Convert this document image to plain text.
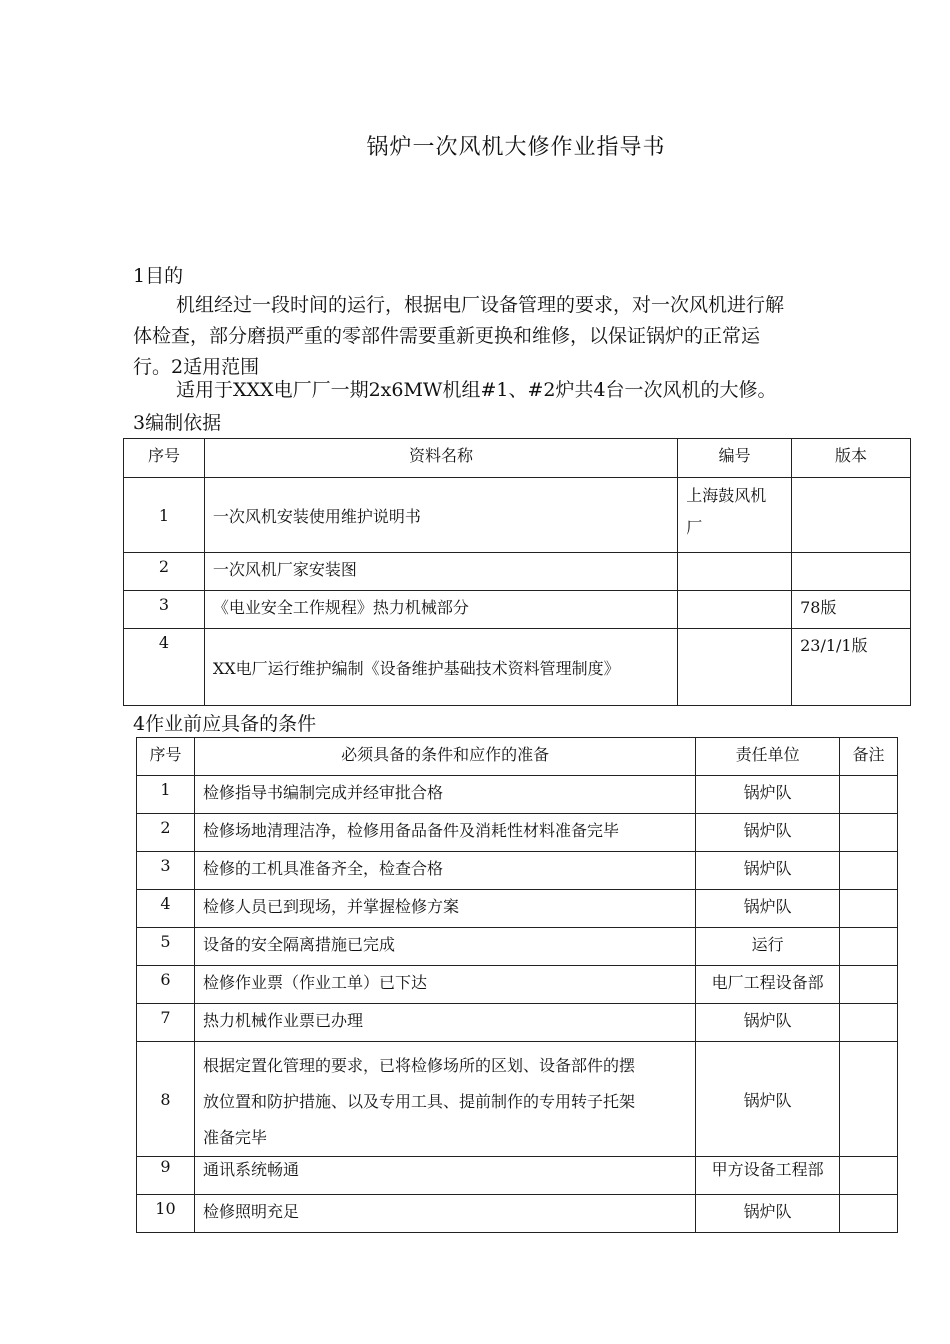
锅炉一次风机大修作业指导书
1目的
机组经过一段时间的运行，根据电厂设备管理的要求，对一次风机进行解
体检查，部分磨损严重的零部件需要重新更换和维修，以保证锅炉的正常运
行。2适用范围
适用于XXX电厂厂一期2x6MW机组#1、#2炉共4台一次风机的大修。
3编制依据
序号	资料名称	编号	版本
1	一次风机安装使用维护说明书	上海鼓风机
厂	

2	一次风机厂家安装图		
3	《电业安全工作规程》热力机械部分		78版
4	XX电厂运行维护编制《设备维护基础技术资料管理制度》		23/1/1版
4作业前应具备的条件
序号	必须具备的条件和应作的准备	责任单位	备注
1	检修指导书编制完成并经审批合格	锅炉队	
2	检修场地清理洁净，检修用备品备件及消耗性材料准备完毕	锅炉队	
3	检修的工机具准备齐全，检查合格	锅炉队	
4	检修人员已到现场，并掌握检修方案	锅炉队	
5	设备的安全隔离措施已完成	运行	
6	检修作业票（作业工单）已下达	电厂工程设备部	
7	热力机械作业票已办理	锅炉队	
8	根据定置化管理的要求，已将检修场所的区划、设备部件的摆
放位置和防护措施、以及专用工具、提前制作的专用转子托架
准备完毕	锅炉队	
9	通讯系统畅通	甲方设备工程部	
10	检修照明充足	锅炉队	
